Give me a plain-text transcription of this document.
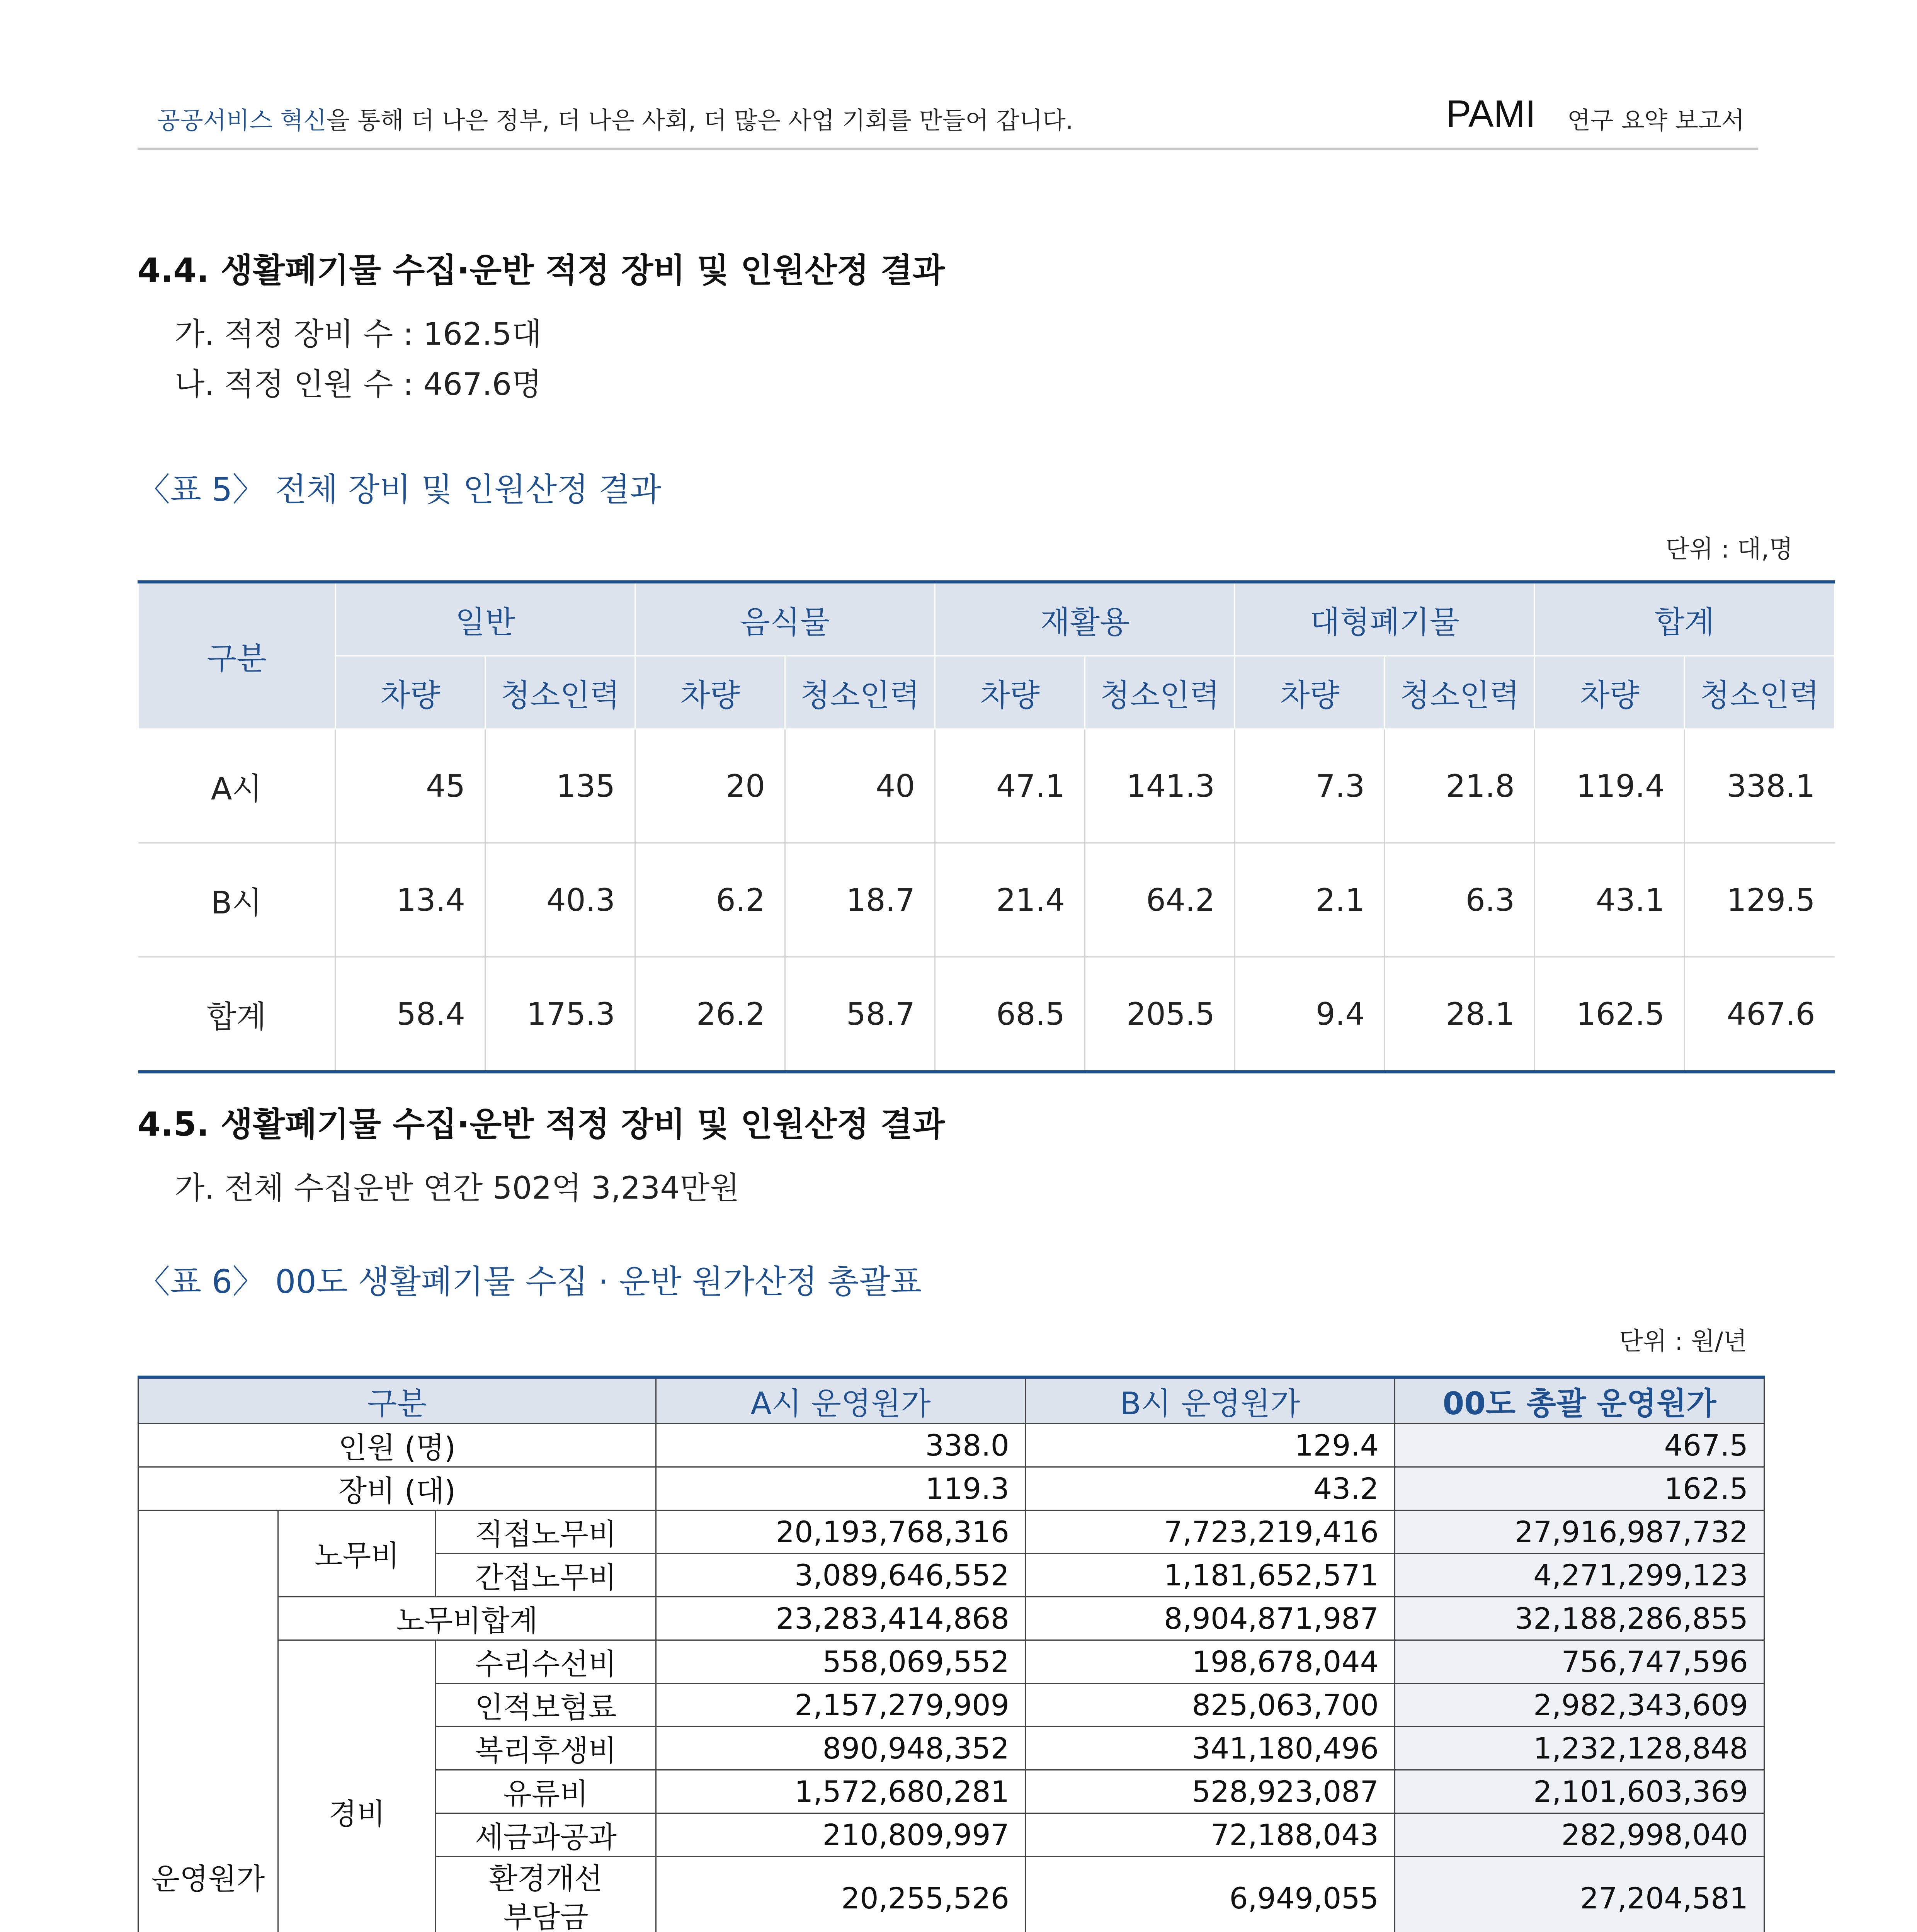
공공서비스 혁신을 통해 더 나은 정부, 더 나은 사회, 더 많은 사업 기회를 만들어 갑니다.	PAMI 연구 요약 보고서
4.4. 생활폐기물 수집·운반 적정 장비 및 인원산정 결과
가. 적정 장비 수 : 162.5대
나. 적정 인원 수 : 467.6명
〈표 5〉 전체 장비 및 인원산정 결과
단위 : 대,명
구분	일반		음식물		재활용		대형폐기물		합계	
	차량	청소인력	차량	청소인력	차량	청소인력	차량	청소인력	차량	청소인력
A시	45	135	20	40	47.1	141.3	7.3	21.8	119.4	338.1
B시	13.4	40.3	6.2	18.7	21.4	64.2	2.1	6.3	43.1	129.5
합계	58.4	175.3	26.2	58.7	68.5	205.5	9.4	28.1	162.5	467.6
4.5. 생활폐기물 수집·운반 적정 장비 및 인원산정 결과
가. 전체 수집운반 연간 502억 3,234만원
〈표 6〉 00도 생활폐기물 수집 · 운반 원가산정 총괄표
단위 : 원/년
구분			A시 운영원가	B시 운영원가	00도 총괄 운영원가	
인원 (명)			338.0	129.4	467.5	
장비 (대)			119.3	43.2	162.5	
운영원가	노무비	직접노무비	20,193,768,316	7,723,219,416	27,916,987,732	
		간접노무비	3,089,646,552	1,181,652,571	4,271,299,123	
	노무비합계		23,283,414,868	8,904,871,987	32,188,286,855	
	경비	수리수선비	558,069,552	198,678,044	756,747,596	
		인적보험료	2,157,279,909	825,063,700	2,982,343,609	
		복리후생비	890,948,352	341,180,496	1,232,128,848	
		유류비	1,572,680,281	528,923,087	2,101,603,369	
		세금과공과	210,809,997	72,188,043	282,998,040	
		환경개선
부담금	20,255,526	6,949,055	27,204,581	
